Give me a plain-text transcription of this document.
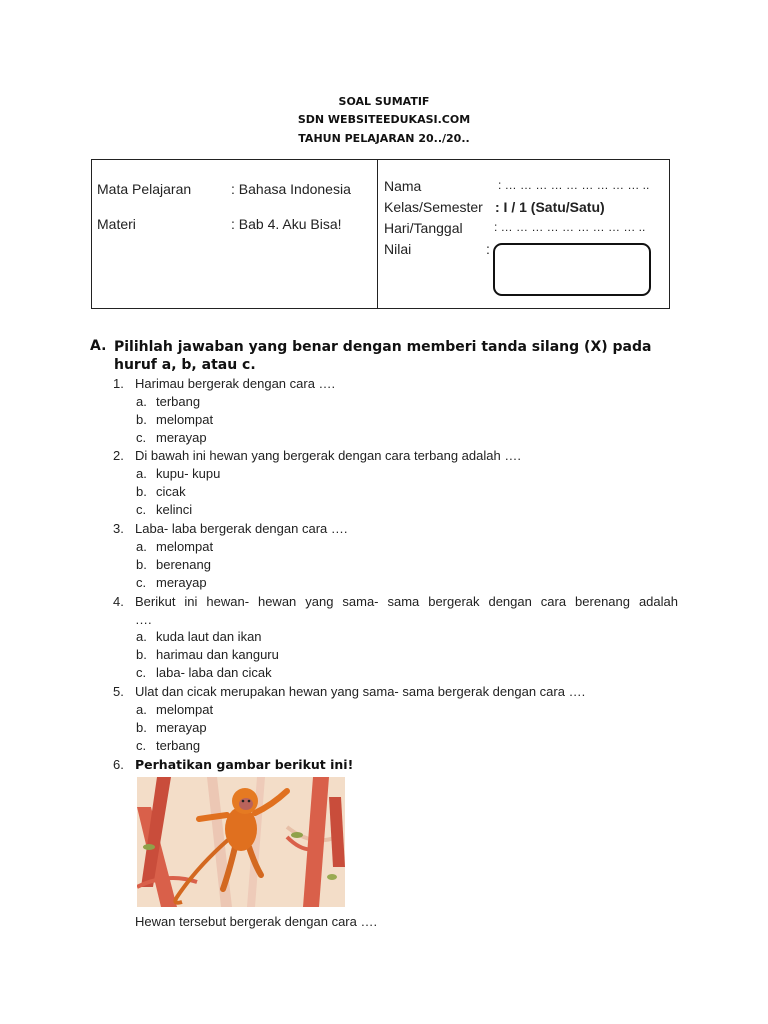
SOAL SUMATIF
SDN WEBSITEEDUKASI.COM
TAHUN PELAJARAN 20../20..
Mata Pelajaran	: Bahasa Indonesia
Materi	: Bab 4. Aku Bisa!
Nama	: … … … … … … … … … ..
Kelas/Semester : I / 1 (Satu/Satu)
Hari/Tanggal	: … … … … … … … … … ..
Nilai	:
A. Pilihlah jawaban yang benar dengan memberi tanda silang (X) pada huruf a, b, atau c.
1. Harimau bergerak dengan cara ….
a. terbang
b. melompat
c. merayap
2. Di bawah ini hewan yang bergerak dengan cara terbang adalah ….
a. kupu- kupu
b. cicak
c. kelinci
3. Laba- laba bergerak dengan cara ….
a. melompat
b. berenang
c. merayap
4. Berikut ini hewan- hewan yang sama- sama bergerak dengan cara berenang adalah
….
a. kuda laut dan ikan
b. harimau dan kanguru
c. laba- laba dan cicak
5. Ulat dan cicak merupakan hewan yang sama- sama bergerak dengan cara ….
a. melompat
b. merayap
c. terbang
6. Perhatikan gambar berikut ini!
Hewan tersebut bergerak dengan cara ….
